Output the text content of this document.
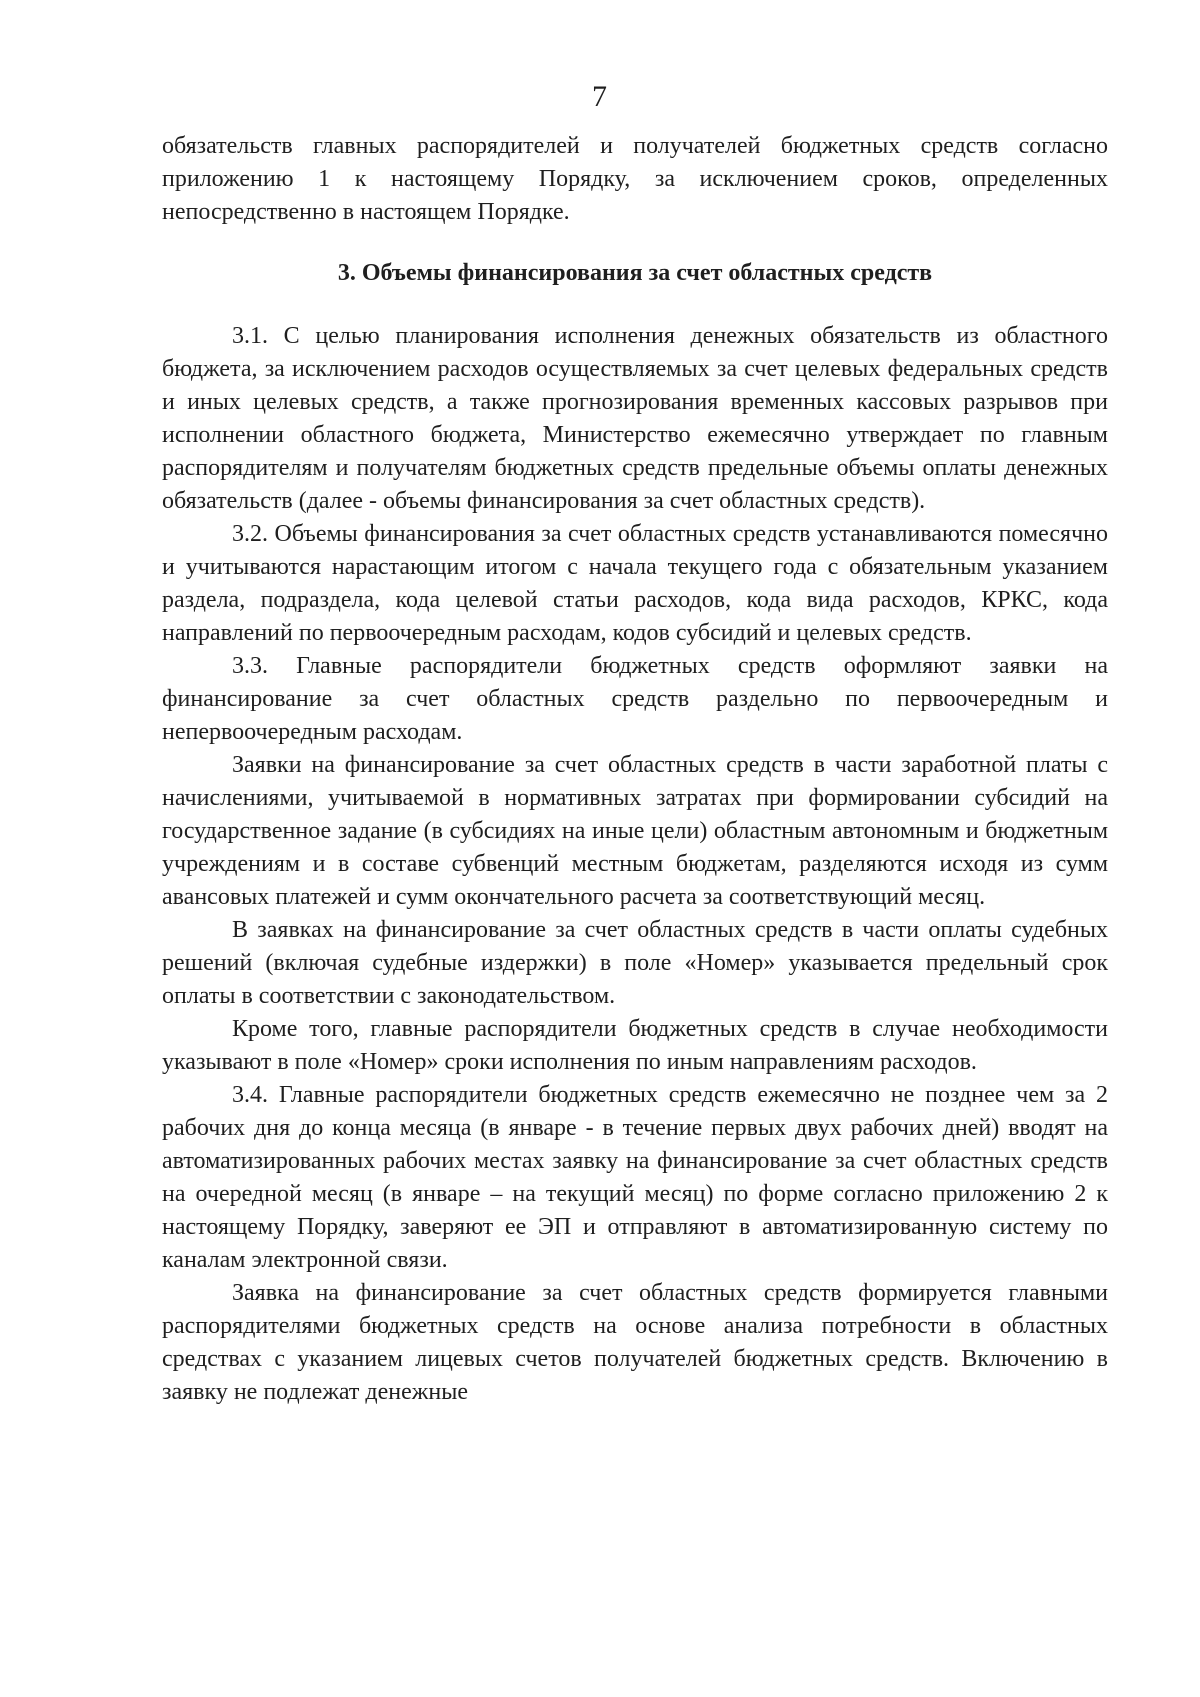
7

обязательств главных распорядителей и получателей бюджетных средств согласно приложению 1 к настоящему Порядку, за исключением сроков, определенных непосредственно в настоящем Порядке.

3. Объемы финансирования за счет областных средств

3.1. С целью планирования исполнения денежных обязательств из областного бюджета, за исключением расходов осуществляемых за счет целевых федеральных средств и иных целевых средств, а также прогнозирования временных кассовых разрывов при исполнении областного бюджета, Министерство ежемесячно утверждает по главным распорядителям и получателям бюджетных средств предельные объемы оплаты денежных обязательств (далее - объемы финансирования за счет областных средств).

3.2. Объемы финансирования за счет областных средств устанавливаются помесячно и учитываются нарастающим итогом с начала текущего года с обязательным указанием раздела, подраздела, кода целевой статьи расходов, кода вида расходов, КРКС, кода направлений по первоочередным расходам, кодов субсидий и целевых средств.

3.3. Главные распорядители бюджетных средств оформляют заявки на финансирование за счет областных средств раздельно по первоочередным и непервоочередным расходам.

Заявки на финансирование за счет областных средств в части заработной платы с начислениями, учитываемой в нормативных затратах при формировании субсидий на государственное задание (в субсидиях на иные цели) областным автономным и бюджетным учреждениям и в составе субвенций местным бюджетам, разделяются исходя из сумм авансовых платежей и сумм окончательного расчета за соответствующий месяц.

В заявках на финансирование за счет областных средств в части оплаты судебных решений (включая судебные издержки) в поле «Номер» указывается предельный срок оплаты в соответствии с законодательством.

Кроме того, главные распорядители бюджетных средств в случае необходимости указывают в поле «Номер» сроки исполнения по иным направлениям расходов.

3.4. Главные распорядители бюджетных средств ежемесячно не позднее чем за 2 рабочих дня до конца месяца (в январе - в течение первых двух рабочих дней) вводят на автоматизированных рабочих местах заявку на финансирование за счет областных средств на очередной месяц (в январе – на текущий месяц) по форме согласно приложению 2 к настоящему Порядку, заверяют ее ЭП и отправляют в автоматизированную систему по каналам электронной связи.

Заявка на финансирование за счет областных средств формируется главными распорядителями бюджетных средств на основе анализа потребности в областных средствах с указанием лицевых счетов получателей бюджетных средств. Включению в заявку не подлежат денежные
